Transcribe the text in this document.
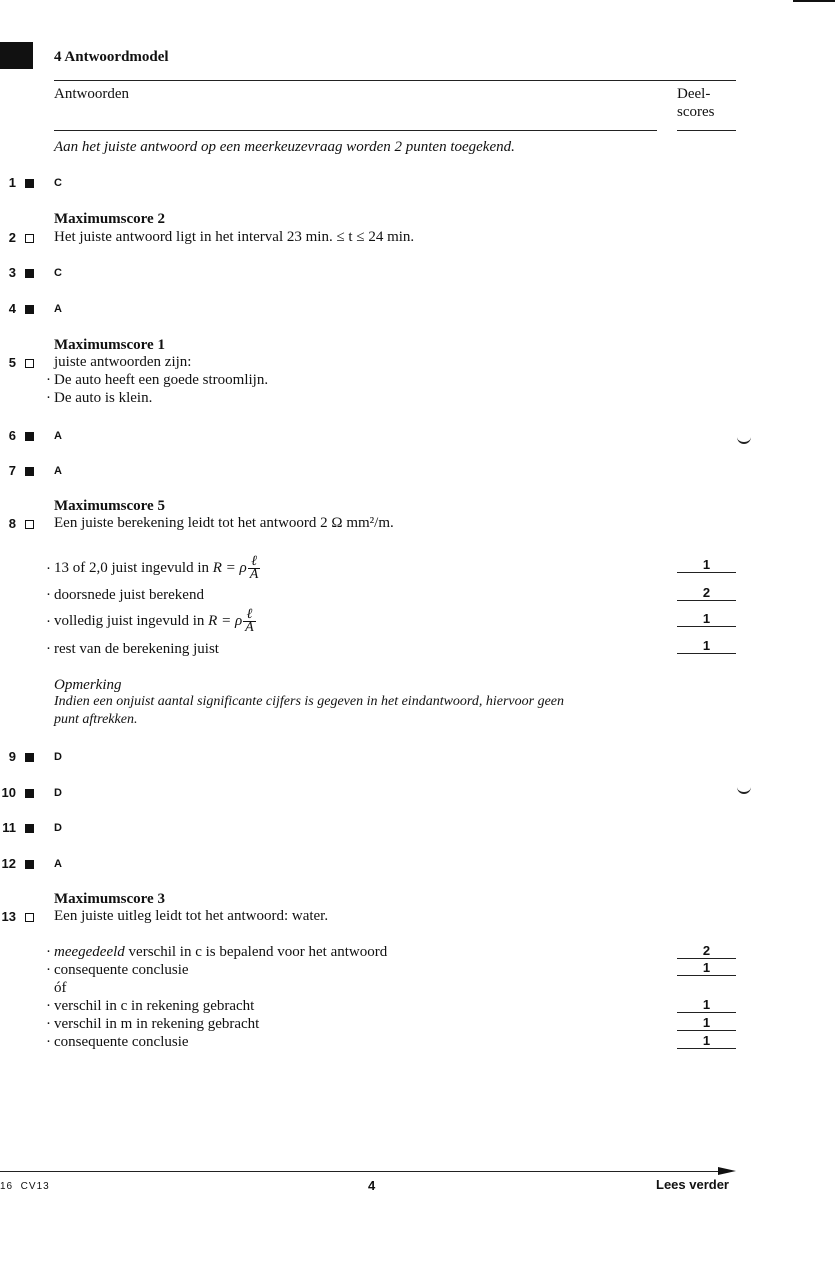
4 Antwoordmodel
Antwoorden	Deel-
scores
Aan het juiste antwoord op een meerkeuzevraag worden 2 punten toegekend.
1	C
Maximumscore 2
2	Het juiste antwoord ligt in het interval 23 min. ≤ t ≤ 24 min.
3	C
4	A
Maximumscore 1
5	juiste antwoorden zijn:
· De auto heeft een goede stroomlijn.
· De auto is klein.
6	A
7	A
Maximumscore 5
8	Een juiste berekening leidt tot het antwoord 2 Ω mm²/m.
· 13 of 2,0 juist ingevuld in R = ρ $\frac{\text{ℓ}}{A}$	1
· doorsnede juist berekend	2
· volledig juist ingevuld in R = ρ $\frac{\text{ℓ}}{A}$	1
· rest van de berekening juist	1
Opmerking
Indien een onjuist aantal significante cijfers is gegeven in het eindantwoord, hiervoor geen
punt aftrekken.
9	D
10	D
11	D
12	A
Maximumscore 3
13	Een juiste uitleg leidt tot het antwoord: water.
· meegedeeld verschil in c is bepalend voor het antwoord	2
· consequente conclusie	1
óf
· verschil in c in rekening gebracht	1
· verschil in m in rekening gebracht	1
· consequente conclusie	1
16  CV13	4	Lees verder
